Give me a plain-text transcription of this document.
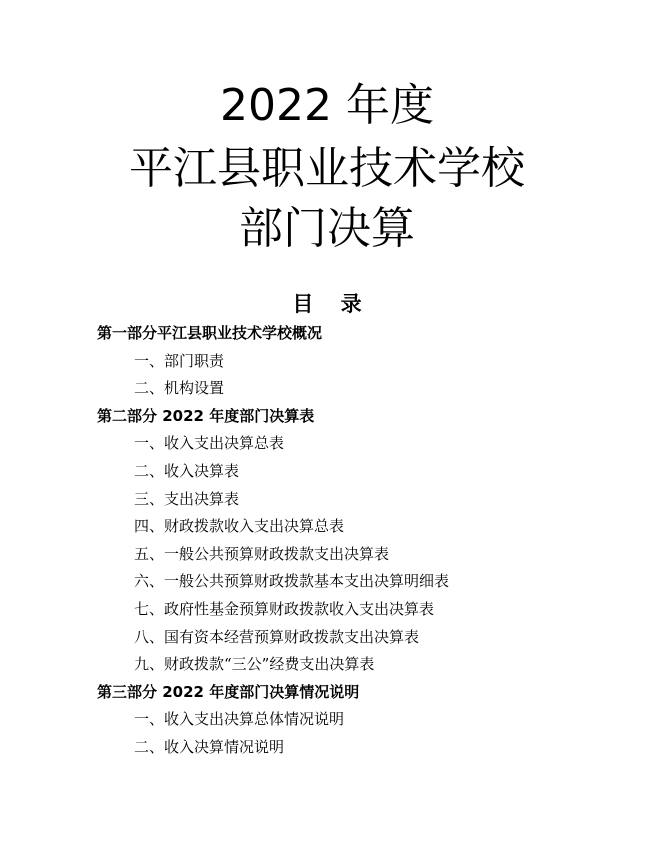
2022 年度
平江县职业技术学校
部门决算
目 录
第一部分平江县职业技术学校概况
一、部门职责
二、机构设置
第二部分 2022 年度部门决算表
一、收入支出决算总表
二、收入决算表
三、支出决算表
四、财政拨款收入支出决算总表
五、一般公共预算财政拨款支出决算表
六、一般公共预算财政拨款基本支出决算明细表
七、政府性基金预算财政拨款收入支出决算表
八、国有资本经营预算财政拨款支出决算表
九、财政拨款“三公”经费支出决算表
第三部分 2022 年度部门决算情况说明
一、收入支出决算总体情况说明
二、收入决算情况说明
